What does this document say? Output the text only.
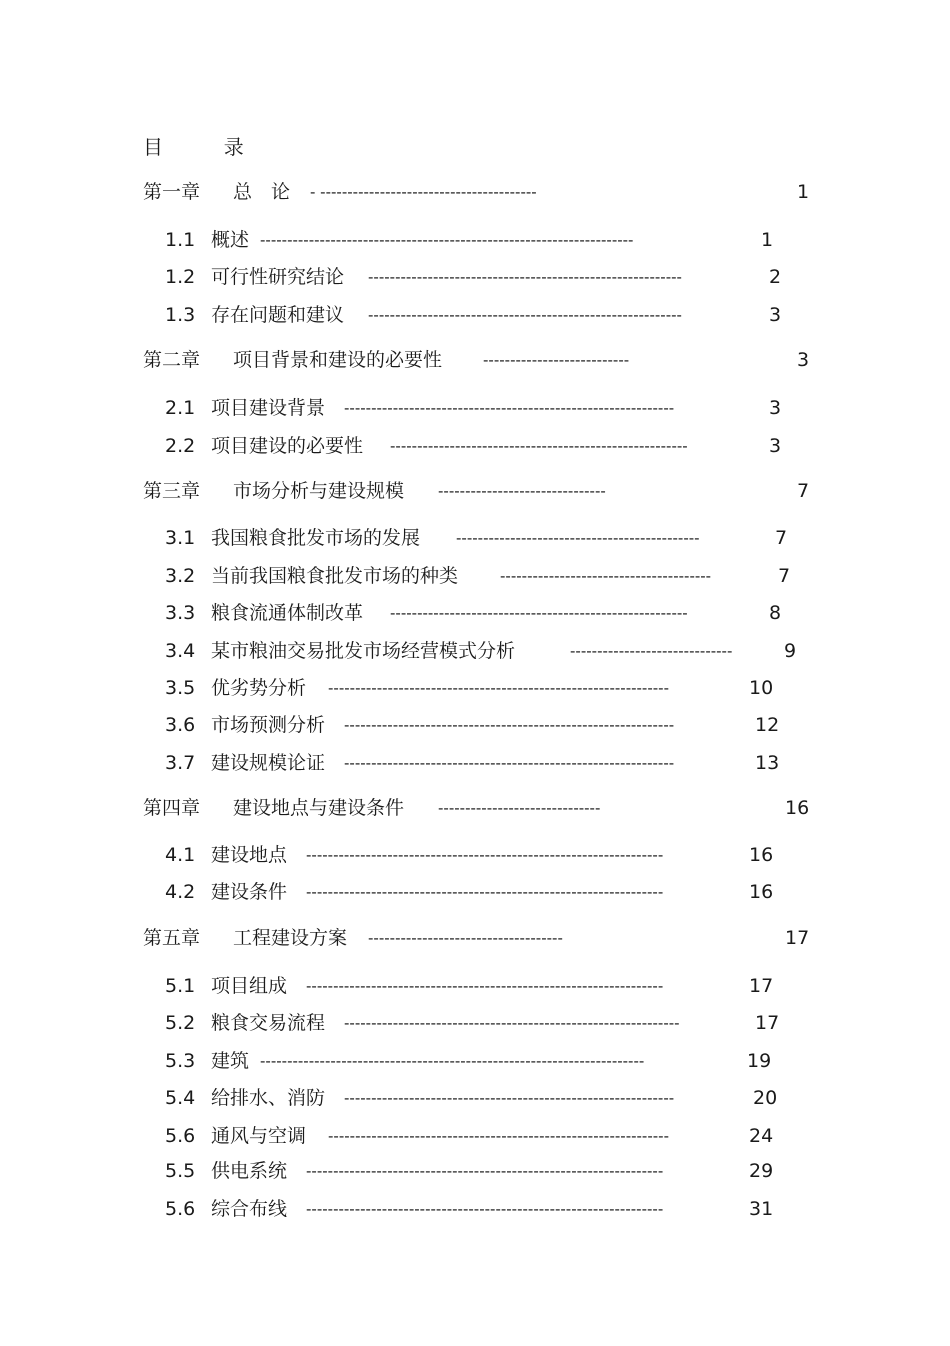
目	录
第一章 总　论 - ----------------------------------------	1
1.1 概述 ---------------------------------------------------------------------	1
1.2 可行性研究结论 ----------------------------------------------------------	2
1.3 存在问题和建议 ----------------------------------------------------------	3
第二章 项目背景和建设的必要性	---------------------------	3
2.1 项目建设背景 -------------------------------------------------------------	3
2.2 项目建设的必要性 -------------------------------------------------------	3
第三章 市场分析与建设规模 -------------------------------	7
3.1 我国粮食批发市场的发展 ---------------------------------------------	7
3.2 当前我国粮食批发市场的种类	---------------------------------------	7
3.3 粮食流通体制改革 -------------------------------------------------------	8
3.4 某市粮油交易批发市场经营模式分析	------------------------------	9
3.5 优劣势分析 ---------------------------------------------------------------	10
3.6 市场预测分析 -------------------------------------------------------------	12
3.7 建设规模论证 -------------------------------------------------------------	13
第四章 建设地点与建设条件 ------------------------------	16
4.1 建设地点 ------------------------------------------------------------------	16
4.2 建设条件 ------------------------------------------------------------------	16
第五章 工程建设方案 ------------------------------------	17
5.1 项目组成 ------------------------------------------------------------------	17
5.2 粮食交易流程 --------------------------------------------------------------	17
5.3 建筑 -----------------------------------------------------------------------	19
5.4 给排水、消防 -------------------------------------------------------------	20
5.6 通风与空调 ---------------------------------------------------------------	24
5.5 供电系统 ------------------------------------------------------------------	29
5.6 综合布线 ------------------------------------------------------------------	31
